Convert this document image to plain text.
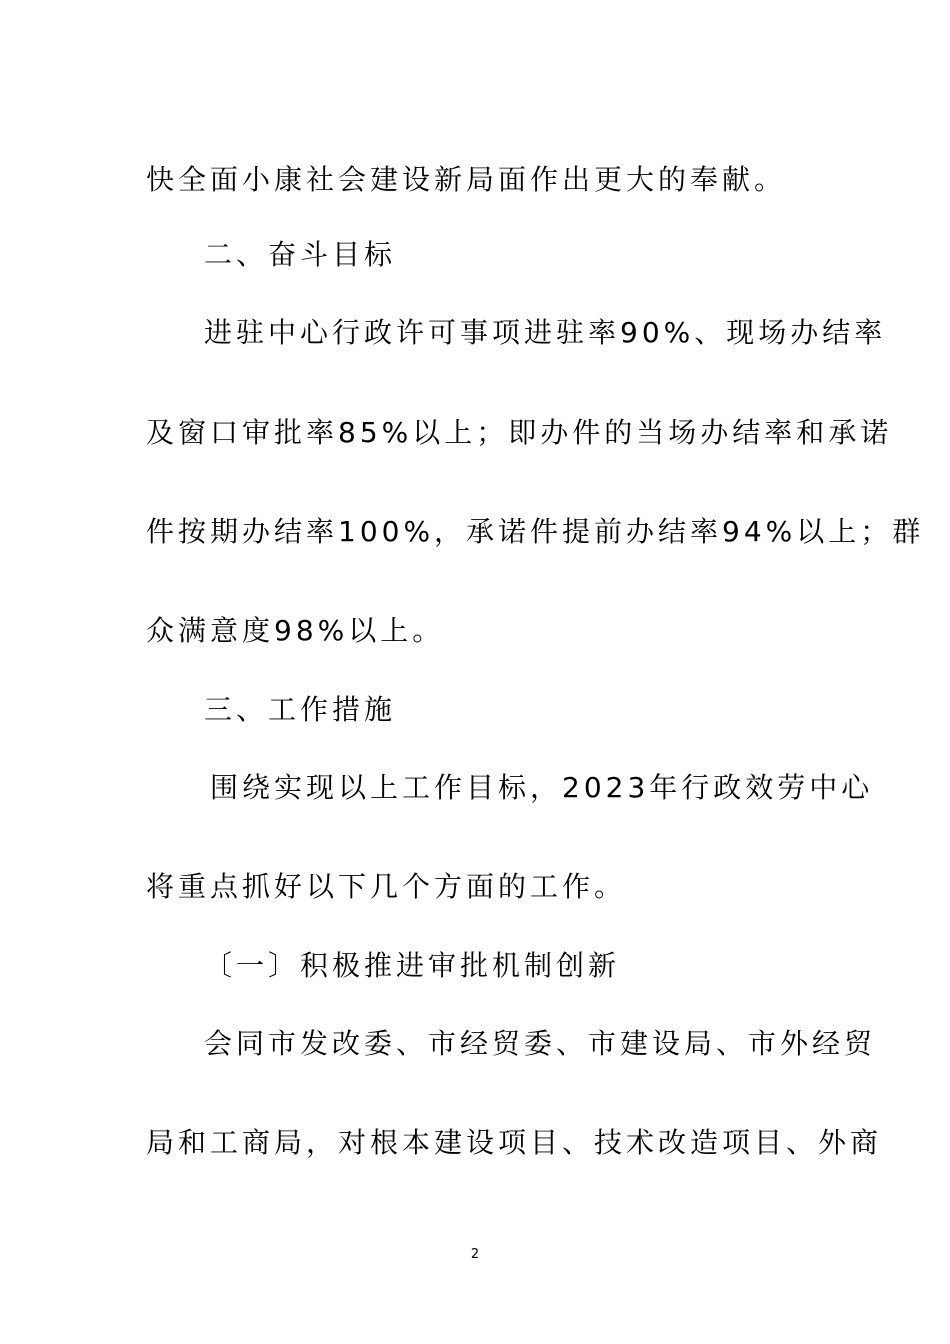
快全面小康社会建设新局面作出更大的奉献。

二、奋斗目标

进驻中心行政许可事项进驻率90%、现场办结率

及窗口审批率85%以上；即办件的当场办结率和承诺

件按期办结率100%，承诺件提前办结率94%以上；群

众满意度98%以上。

三、工作措施

围绕实现以上工作目标，2023年行政效劳中心

将重点抓好以下几个方面的工作。

〔一〕积极推进审批机制创新

会同市发改委、市经贸委、市建设局、市外经贸

局和工商局，对根本建设项目、技术改造项目、外商

2
